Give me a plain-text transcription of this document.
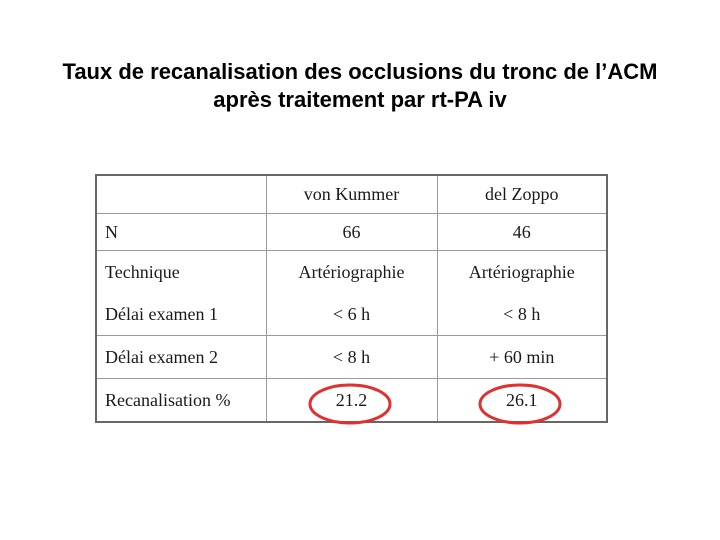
Taux de recanalisation des occlusions du tronc de l’ACM
après traitement par rt-PA iv
	von Kummer	del Zoppo
N	66	46
Technique	Artériographie	Artériographie
Délai examen 1	< 6 h	< 8 h
Délai examen 2	< 8 h	+ 60 min
Recanalisation %	21.2	26.1
